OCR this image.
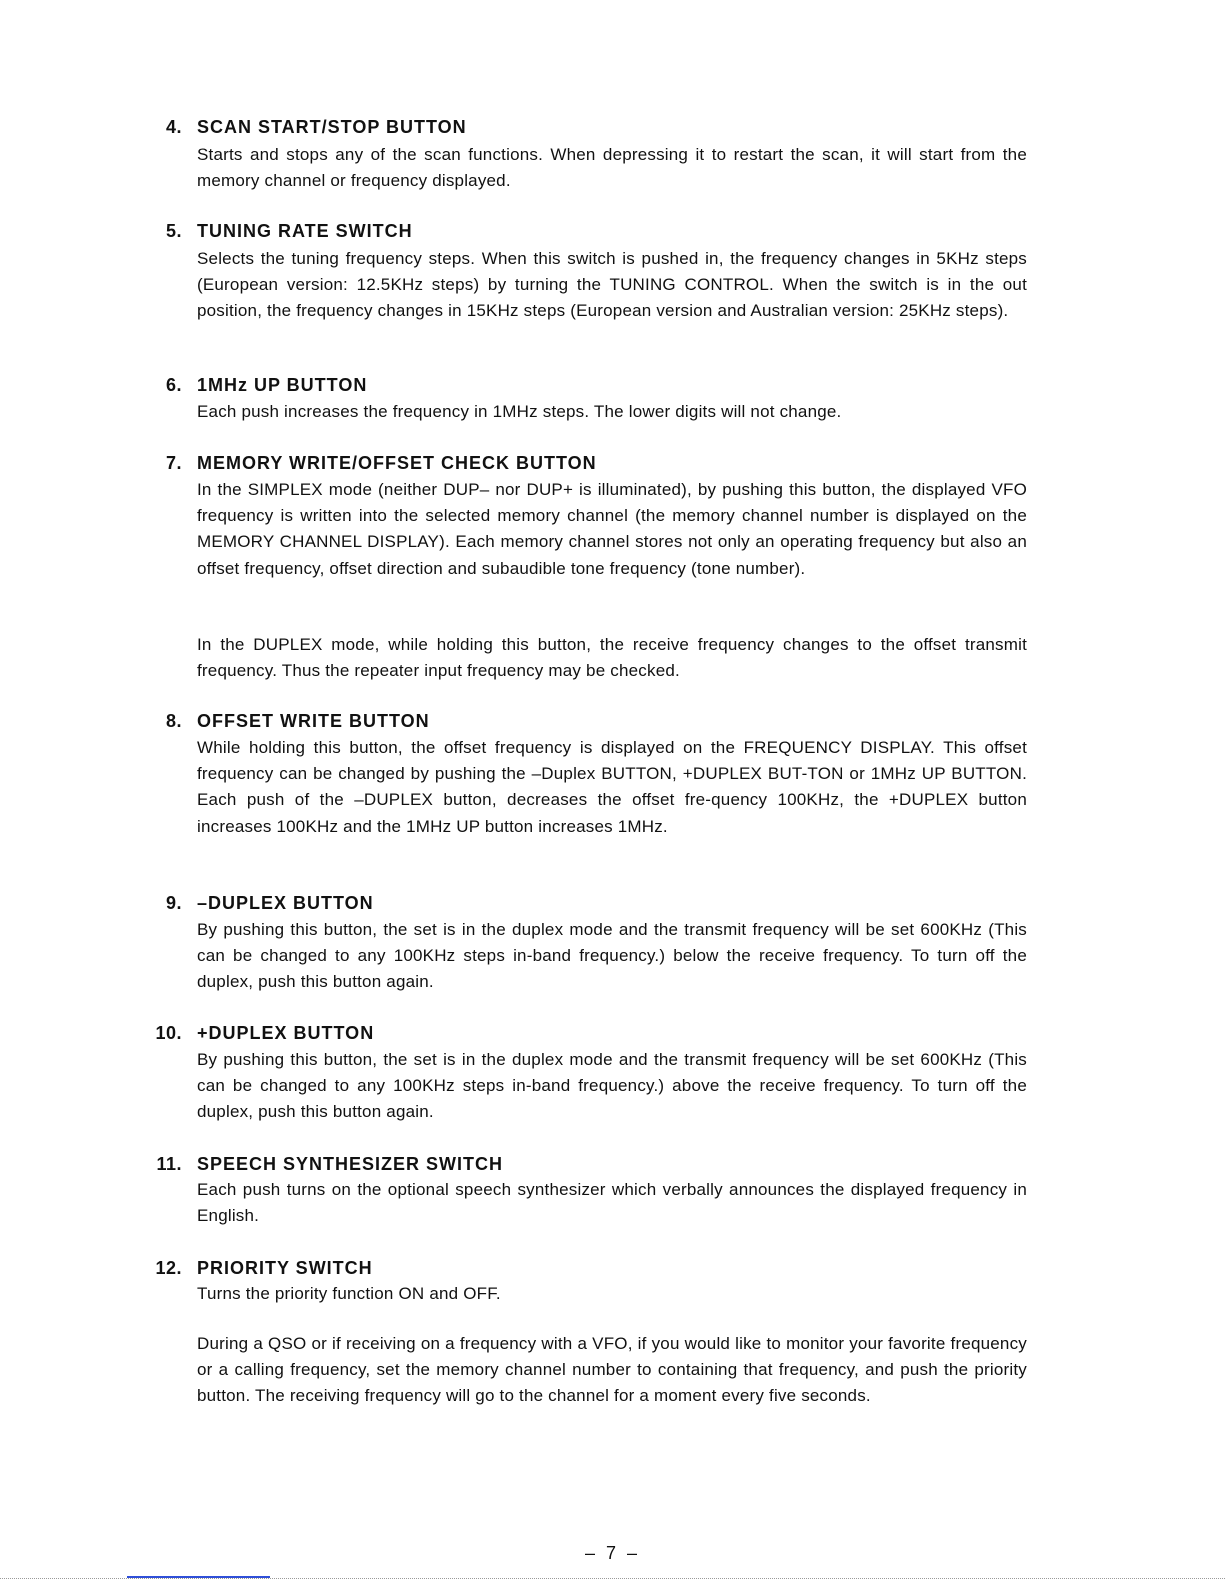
4. SCAN START/STOP BUTTON
Starts and stops any of the scan functions. When depressing it to restart the scan, it will start from the memory channel or frequency displayed.
5. TUNING RATE SWITCH
Selects the tuning frequency steps. When this switch is pushed in, the frequency changes in 5KHz steps (European version: 12.5KHz steps) by turning the TUNING CONTROL. When the switch is in the out position, the frequency changes in 15KHz steps (European version and Australian version: 25KHz steps).
6. 1MHz UP BUTTON
Each push increases the frequency in 1MHz steps. The lower digits will not change.
7. MEMORY WRITE/OFFSET CHECK BUTTON
In the SIMPLEX mode (neither DUP– nor DUP+ is illuminated), by pushing this button, the displayed VFO frequency is written into the selected memory channel (the memory channel number is displayed on the MEMORY CHANNEL DISPLAY). Each memory channel stores not only an operating frequency but also an offset frequency, offset direction and subaudible tone frequency (tone number).
In the DUPLEX mode, while holding this button, the receive frequency changes to the offset transmit frequency. Thus the repeater input frequency may be checked.
8. OFFSET WRITE BUTTON
While holding this button, the offset frequency is displayed on the FREQUENCY DISPLAY. This offset frequency can be changed by pushing the –Duplex BUTTON, +DUPLEX BUT-TON or 1MHz UP BUTTON. Each push of the –DUPLEX button, decreases the offset fre-quency 100KHz, the +DUPLEX button increases 100KHz and the 1MHz UP button increases 1MHz.
9. –DUPLEX BUTTON
By pushing this button, the set is in the duplex mode and the transmit frequency will be set 600KHz (This can be changed to any 100KHz steps in-band frequency.) below the receive frequency. To turn off the duplex, push this button again.
10. +DUPLEX BUTTON
By pushing this button, the set is in the duplex mode and the transmit frequency will be set 600KHz (This can be changed to any 100KHz steps in-band frequency.) above the receive frequency. To turn off the duplex, push this button again.
11. SPEECH SYNTHESIZER SWITCH
Each push turns on the optional speech synthesizer which verbally announces the displayed frequency in English.
12. PRIORITY SWITCH
Turns the priority function ON and OFF.
During a QSO or if receiving on a frequency with a VFO, if you would like to monitor your favorite frequency or a calling frequency, set the memory channel number to containing that frequency, and push the priority button. The receiving frequency will go to the channel for a moment every five seconds.
– 7 –
